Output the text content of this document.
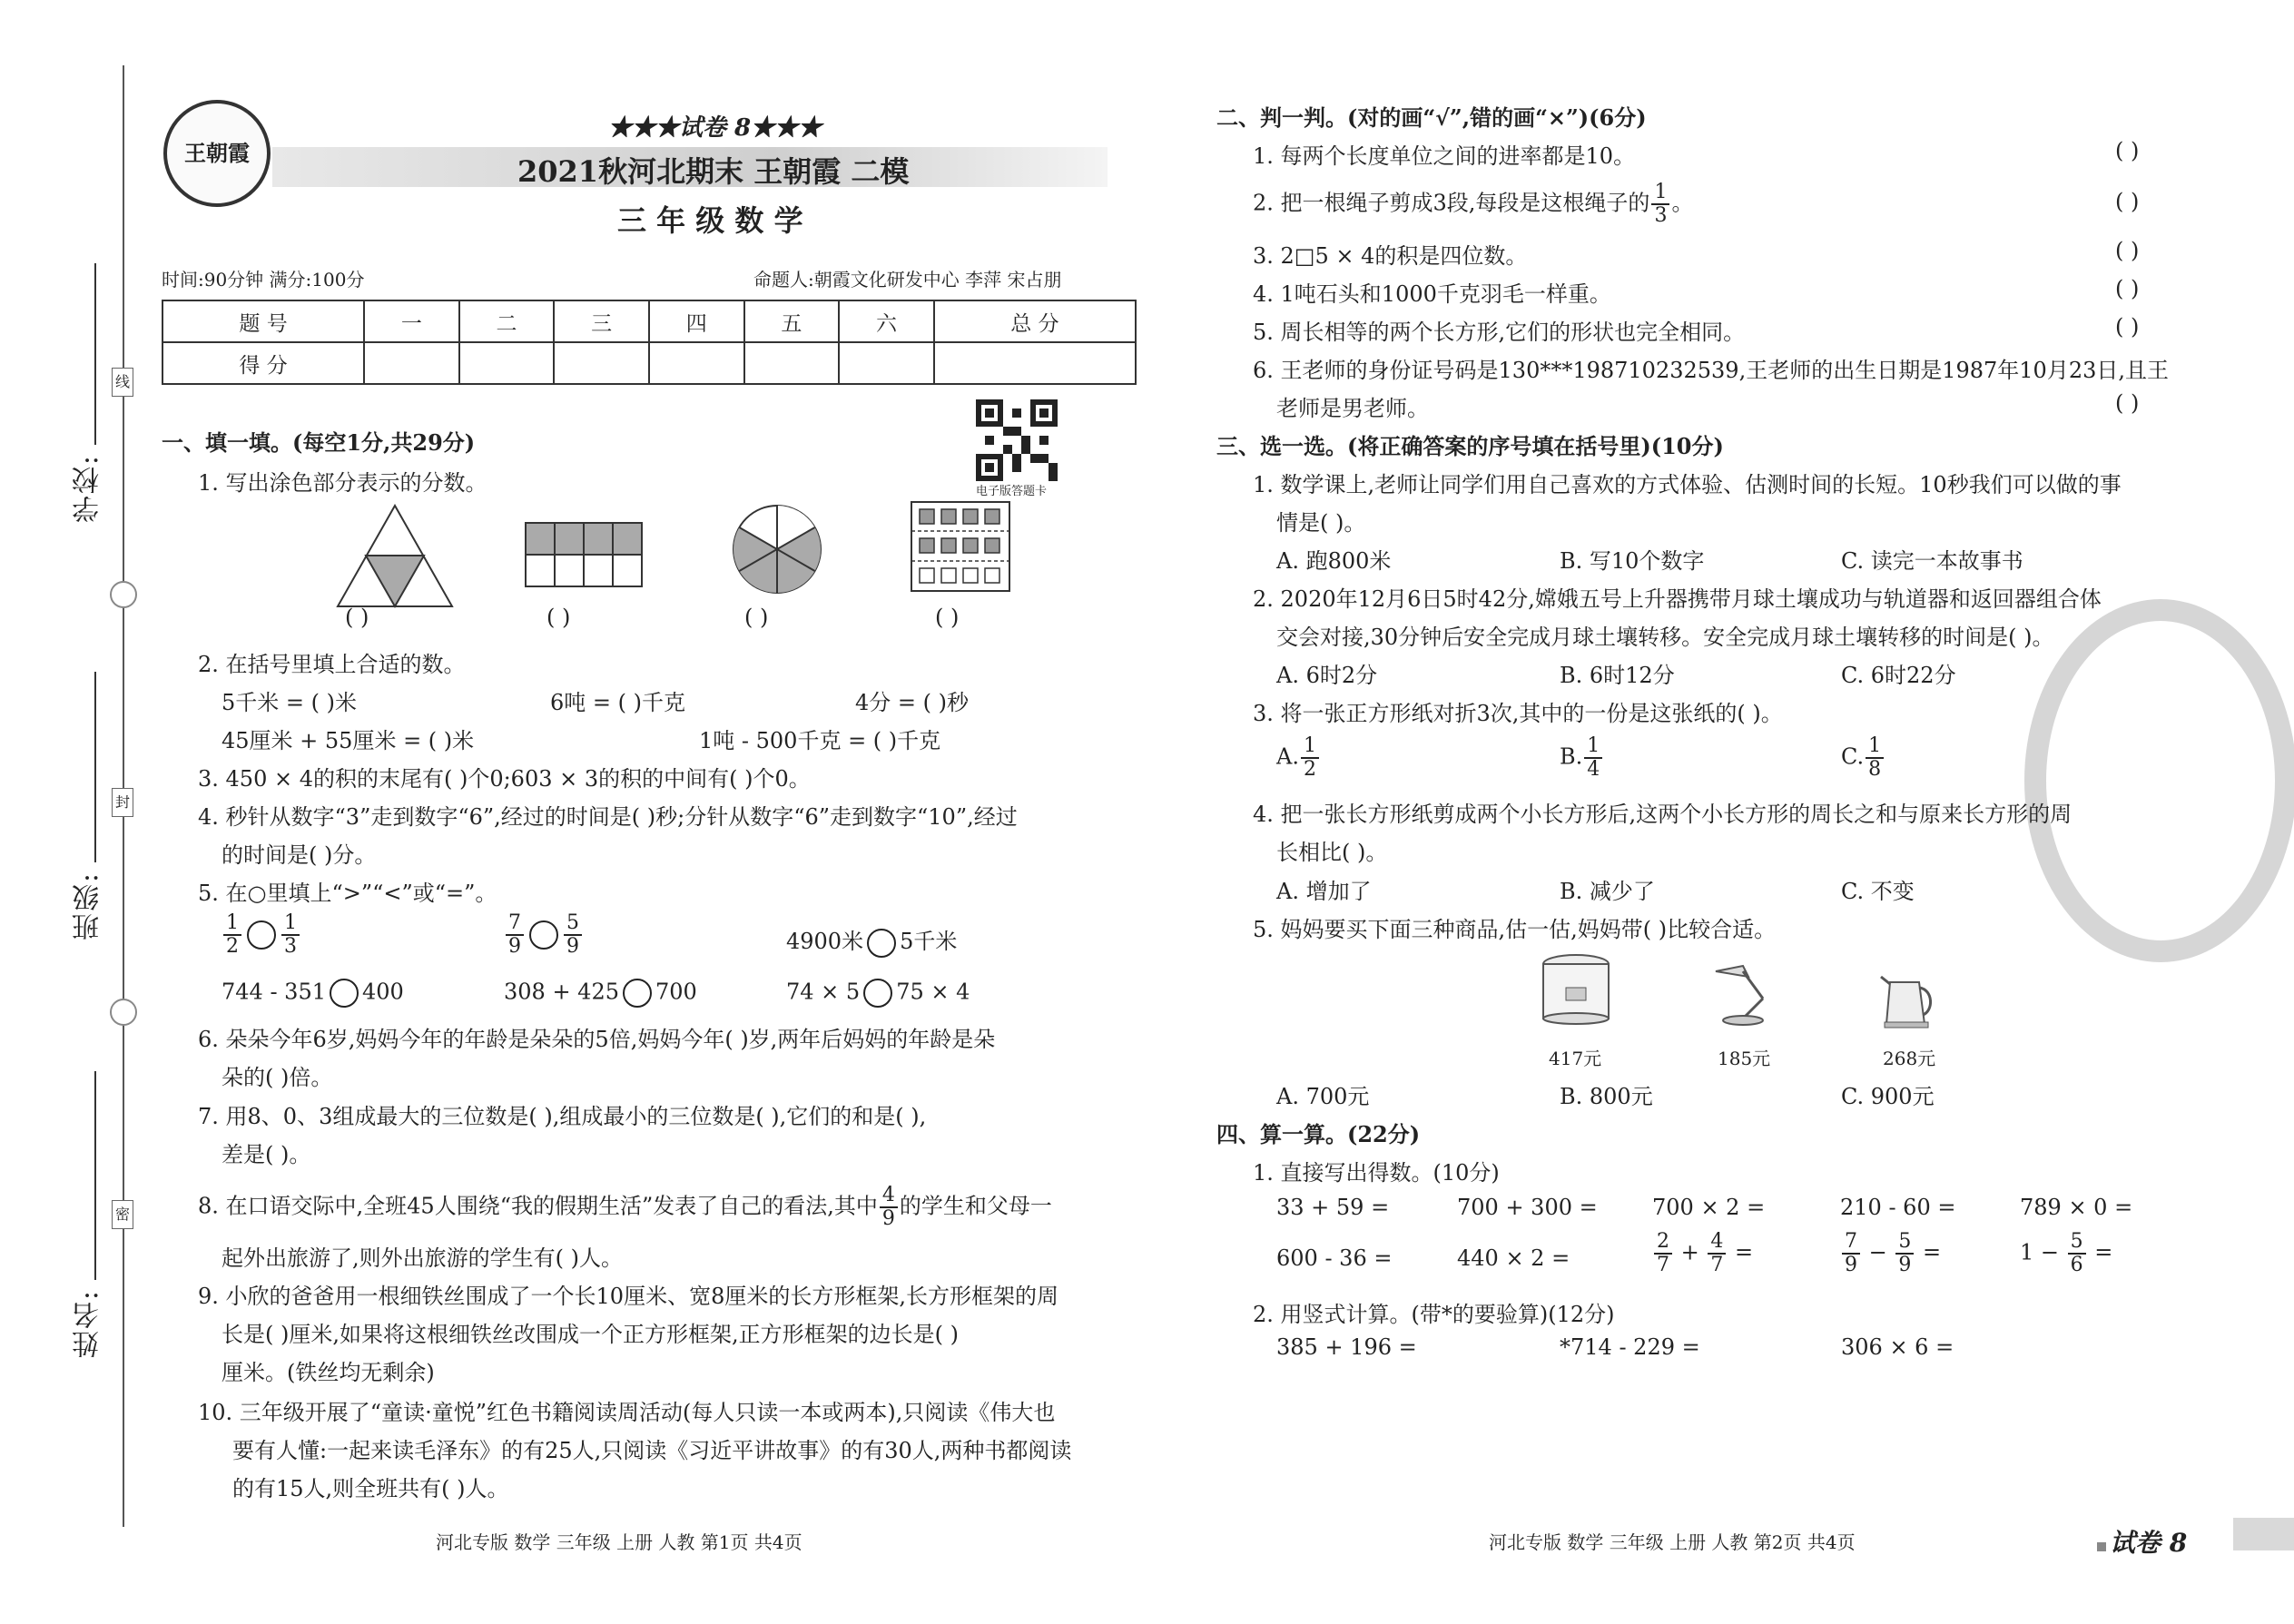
学校:
班级:
姓名:
线
封
密
王朝霞
★★★试卷 8★★★
2021秋河北期末 王朝霞 二模
三 年 级 数 学
时间:90分钟 满分:100分	命题人:朝霞文化研发中心 李萍 宋占朋
题 号	一	二	三	四	五	六	总 分
得 分							
电子版答题卡
一、填一填。(每空1分,共29分)
1. 写出涂色部分表示的分数。
( )	( )	( )	( )
2. 在括号里填上合适的数。
5千米 = ( )米	6吨 = ( )千克	4分 = ( )秒
45厘米 + 55厘米 = ( )米	1吨 - 500千克 = ( )千克
3. 450 × 4的积的末尾有( )个0;603 × 3的积的中间有( )个0。
4. 秒针从数字“3”走到数字“6”,经过的时间是( )秒;分针从数字“6”走到数字“10”,经过
的时间是( )分。
5. 在○里填上“>”“<”或“=”。
$\frac{1}{2} \frac{1}{3}$	$\frac{7}{9} \frac{5}{9}$	4900米 5千米
744 - 351 400	308 + 425 700	74 × 5 75 × 4
6. 朵朵今年6岁,妈妈今年的年龄是朵朵的5倍,妈妈今年( )岁,两年后妈妈的年龄是朵
朵的( )倍。
7. 用8、0、3组成最大的三位数是( ),组成最小的三位数是( ),它们的和是( ),
差是( )。
8. 在口语交际中,全班45人围绕“我的假期生活”发表了自己的看法,其中 $\frac{4}{9}$ 的学生和父母一
起外出旅游了,则外出旅游的学生有( )人。
9. 小欣的爸爸用一根细铁丝围成了一个长10厘米、宽8厘米的长方形框架,长方形框架的周
长是( )厘米,如果将这根细铁丝改围成一个正方形框架,正方形框架的边长是( )
厘米。(铁丝均无剩余)
10. 三年级开展了“童读·童悦”红色书籍阅读周活动(每人只读一本或两本),只阅读《伟大也
要有人懂:一起来读毛泽东》的有25人,只阅读《习近平讲故事》的有30人,两种书都阅读
的有15人,则全班共有( )人。
河北专版 数学 三年级 上册 人教 第1页 共4页
二、判一判。(对的画“√”,错的画“×”)(6分)
1. 每两个长度单位之间的进率都是10。	( )
2. 把一根绳子剪成3段,每段是这根绳子的 $\frac{1}{3}$ 。	( )
3. 2□5 × 4的积是四位数。	( )
4. 1吨石头和1000千克羽毛一样重。	( )
5. 周长相等的两个长方形,它们的形状也完全相同。	( )
6. 王老师的身份证号码是130***198710232539,王老师的出生日期是1987年10月23日,且王
老师是男老师。	( )
三、选一选。(将正确答案的序号填在括号里)(10分)
1. 数学课上,老师让同学们用自己喜欢的方式体验、估测时间的长短。10秒我们可以做的事
情是( )。
A. 跑800米	B. 写10个数字	C. 读完一本故事书
2. 2020年12月6日5时42分,嫦娥五号上升器携带月球土壤成功与轨道器和返回器组合体
交会对接,30分钟后安全完成月球土壤转移。安全完成月球土壤转移的时间是( )。
A. 6时2分	B. 6时12分	C. 6时22分
3. 将一张正方形纸对折3次,其中的一份是这张纸的( )。
A. $\frac{1}{2}$	B. $\frac{1}{4}$	C. $\frac{1}{8}$
4. 把一张长方形纸剪成两个小长方形后,这两个小长方形的周长之和与原来长方形的周
长相比( )。
A. 增加了	B. 减少了	C. 不变
5. 妈妈要买下面三种商品,估一估,妈妈带( )比较合适。
417元	185元	268元
A. 700元	B. 800元	C. 900元
四、算一算。(22分)
1. 直接写出得数。(10分)
33 + 59 =	700 + 300 =	700 × 2 =	210 - 60 =	789 × 0 =
600 - 36 =	440 × 2 =	$\frac{2}{7} + \frac{4}{7}$ =	$\frac{7}{9} - \frac{5}{9}$ =	$1 - \frac{5}{6}$ =
2. 用竖式计算。(带*的要验算)(12分)
385 + 196 =	*714 - 229 =	306 × 6 =
河北专版 数学 三年级 上册 人教 第2页 共4页	试卷 8
